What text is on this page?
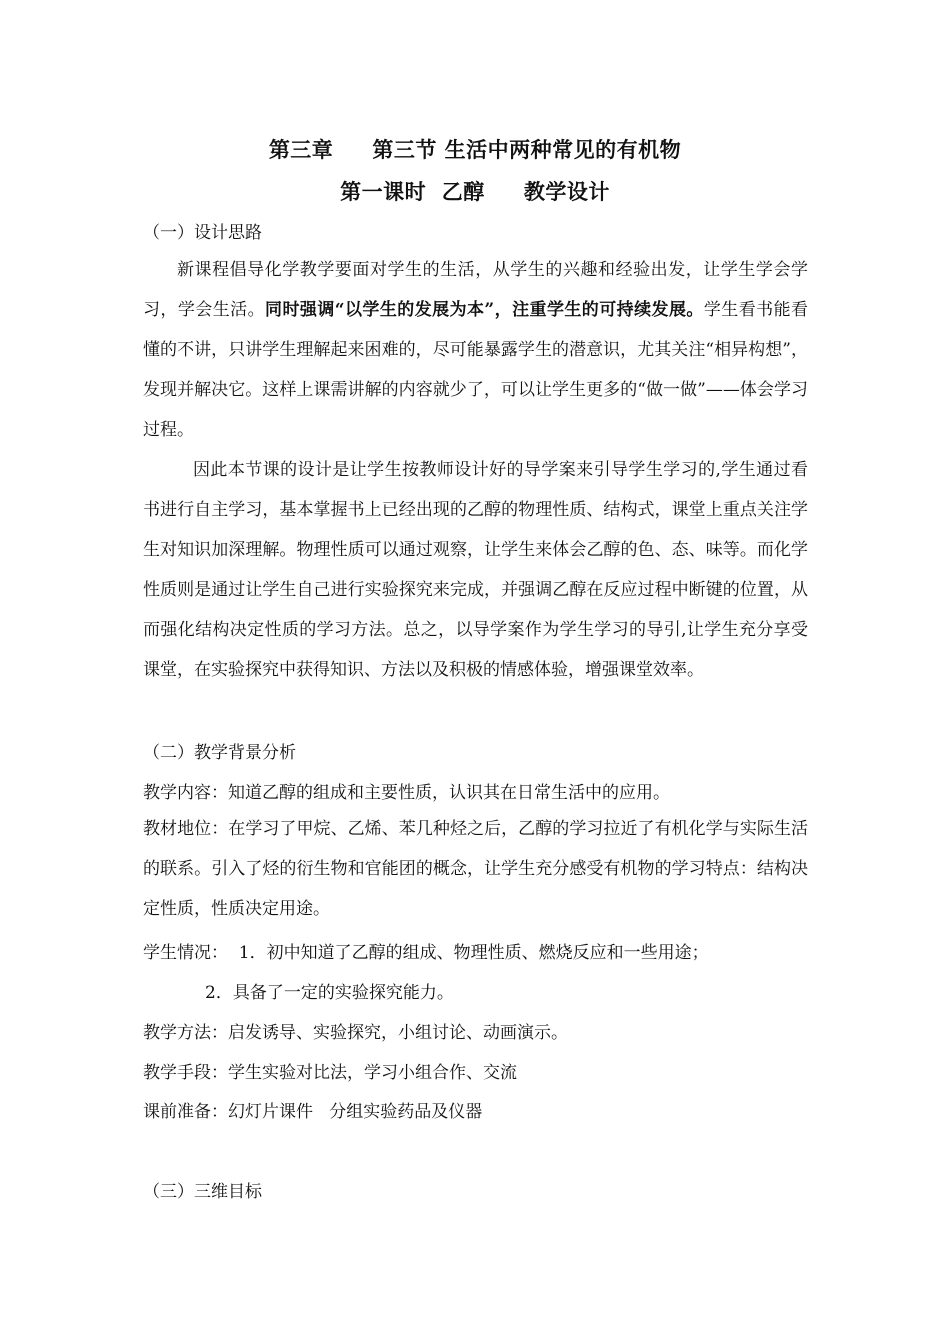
第三章     第三节 生活中两种常见的有机物
第一课时  乙醇     教学设计
（一）设计思路

新课程倡导化学教学要面对学生的生活，从学生的兴趣和经验出发，让学生学会学习，学会生活。同时强调“以学生的发展为本”，注重学生的可持续发展。学生看书能看懂的不讲，只讲学生理解起来困难的，尽可能暴露学生的潜意识，尤其关注“相异构想”，发现并解决它。这样上课需讲解的内容就少了，可以让学生更多的“做一做”——体会学习过程。

因此本节课的设计是让学生按教师设计好的导学案来引导学生学习的,学生通过看书进行自主学习，基本掌握书上已经出现的乙醇的物理性质、结构式，课堂上重点关注学生对知识加深理解。物理性质可以通过观察，让学生来体会乙醇的色、态、味等。而化学性质则是通过让学生自己进行实验探究来完成，并强调乙醇在反应过程中断键的位置，从而强化结构决定性质的学习方法。总之，以导学案作为学生学习的导引,让学生充分享受课堂，在实验探究中获得知识、方法以及积极的情感体验，增强课堂效率。

（二）教学背景分析
教学内容：知道乙醇的组成和主要性质，认识其在日常生活中的应用。

教材地位：在学习了甲烷、乙烯、苯几种烃之后，乙醇的学习拉近了有机化学与实际生活的联系。引入了烃的衍生物和官能团的概念，让学生充分感受有机物的学习特点：结构决定性质，性质决定用途。

学生情况：  1．初中知道了乙醇的组成、物理性质、燃烧反应和一些用途；
2．具备了一定的实验探究能力。
教学方法：启发诱导、实验探究，小组讨论、动画演示。
教学手段：学生实验对比法，学习小组合作、交流
课前准备：幻灯片课件   分组实验药品及仪器
（三）三维目标
